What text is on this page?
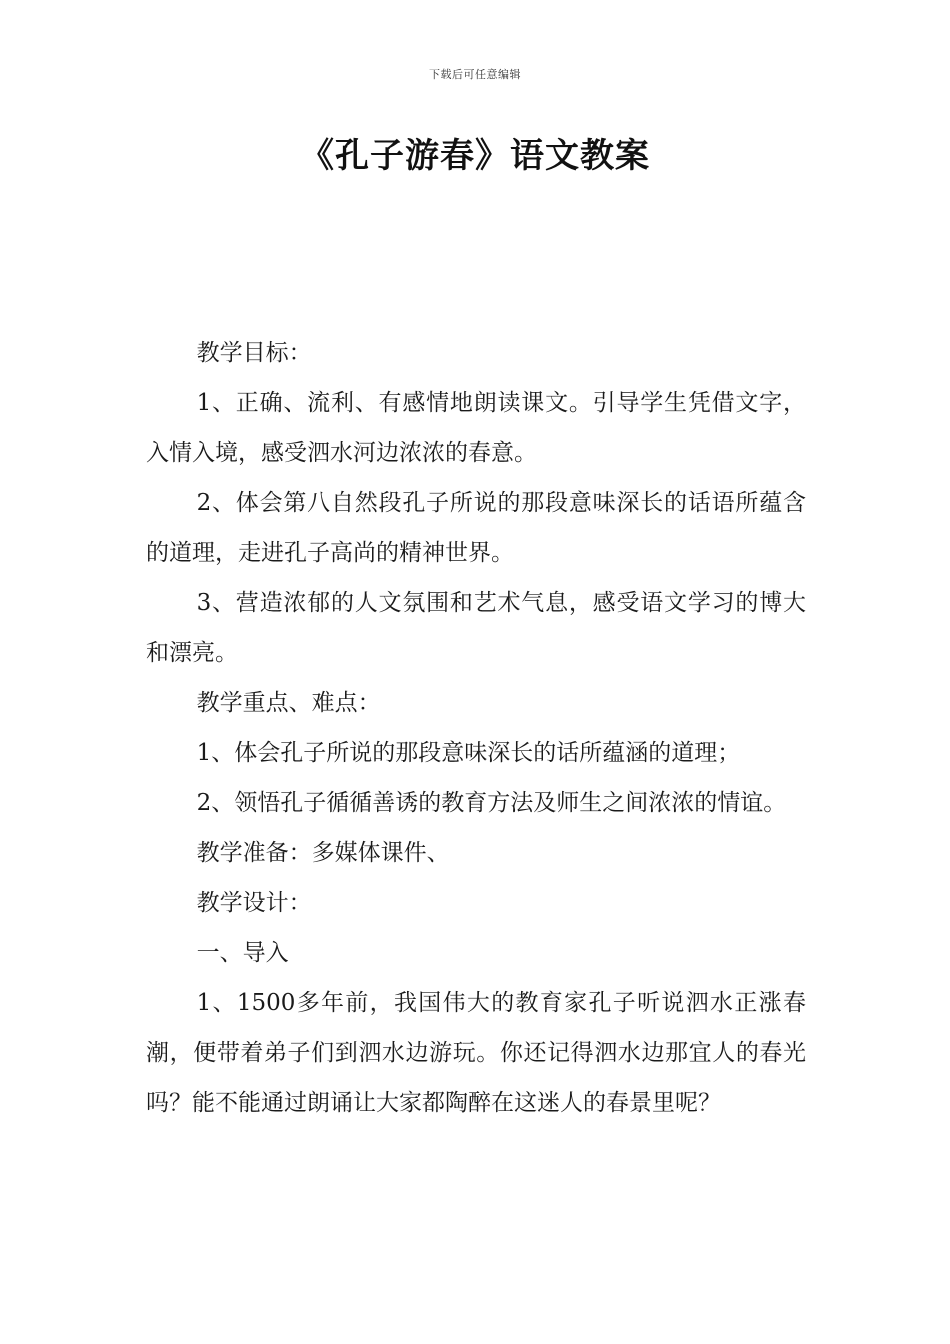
下载后可任意编辑
《孔子游春》语文教案

教学目标：

1、正确、流利、有感情地朗读课文。引导学生凭借文字，入情入境，感受泗水河边浓浓的春意。

2、体会第八自然段孔子所说的那段意味深长的话语所蕴含的道理，走进孔子高尚的精神世界。

3、营造浓郁的人文氛围和艺术气息，感受语文学习的博大和漂亮。

教学重点、难点：

1、体会孔子所说的那段意味深长的话所蕴涵的道理；

2、领悟孔子循循善诱的教育方法及师生之间浓浓的情谊。

教学准备：多媒体课件、

教学设计：

一、导入

1、1500多年前，我国伟大的教育家孔子听说泗水正涨春潮，便带着弟子们到泗水边游玩。你还记得泗水边那宜人的春光吗？能不能通过朗诵让大家都陶醉在这迷人的春景里呢？
